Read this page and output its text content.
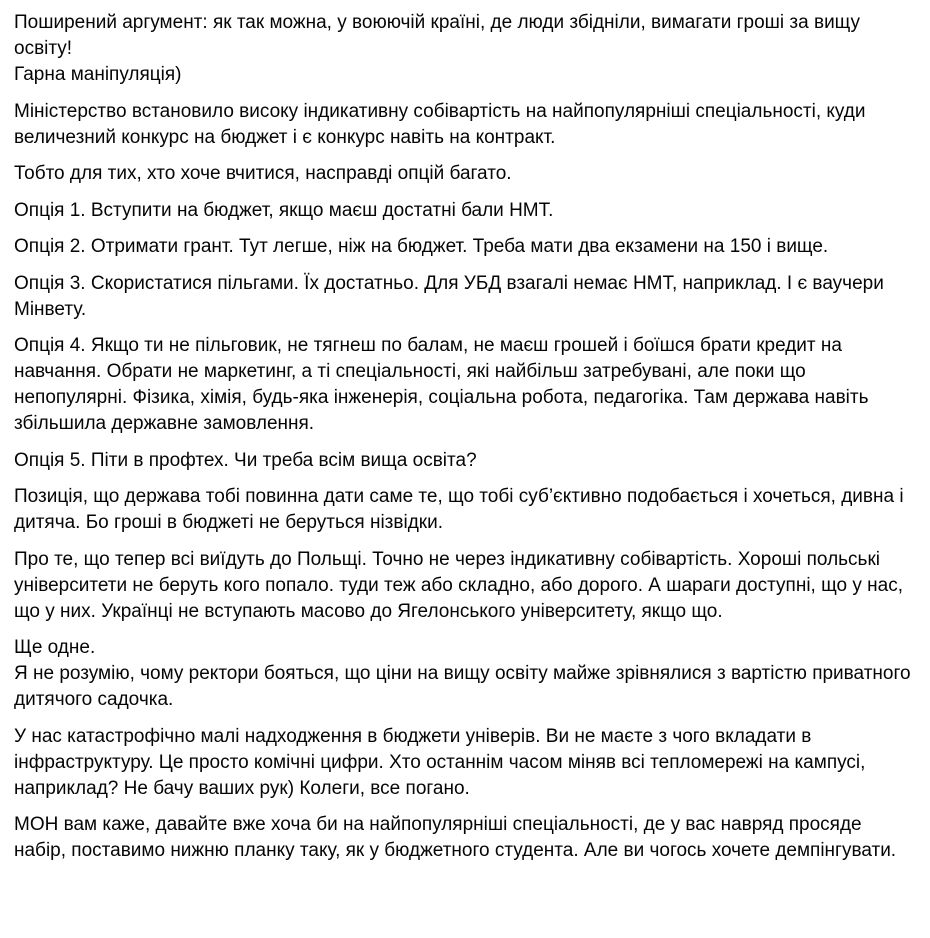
Поширений аргумент: як так можна, у воюючій країні, де люди збідніли, вимагати гроші за вищу освіту!
Гарна маніпуляція)

Міністерство встановило високу індикативну собівартість на найпопулярніші спеціальності, куди величезний конкурс на бюджет і є конкурс навіть на контракт.

Тобто для тих, хто хоче вчитися, насправді опцій багато.

Опція 1. Вступити на бюджет, якщо маєш достатні бали НМТ.

Опція 2. Отримати грант. Тут легше, ніж на бюджет. Треба мати два екзамени на 150 і вище.

Опція 3. Скористатися пільгами. Їх достатньо. Для УБД взагалі немає НМТ, наприклад. І є ваучери Мінвету.

Опція 4. Якщо ти не пільговик, не тягнеш по балам, не маєш грошей і боїшся брати кредит на навчання. Обрати не маркетинг, а ті спеціальності, які найбільш затребувані, але поки що непопулярні. Фізика, хімія, будь-яка інженерія, соціальна робота, педагогіка. Там держава навіть збільшила державне замовлення.

Опція 5. Піти в профтех. Чи треба всім вища освіта?

Позиція, що держава тобі повинна дати саме те, що тобі суб’єктивно подобається і хочеться, дивна і дитяча. Бо гроші в бюджеті не беруться нізвідки.

Про те, що тепер всі виїдуть до Польщі. Точно не через індикативну собівартість. Хороші польські університети не беруть кого попало. туди теж або складно, або дорого. А шараги доступні, що у нас, що у них. Українці не вступають масово до Ягелонського університету, якщо що.

Ще одне.
Я не розумію, чому ректори бояться, що ціни на вищу освіту майже зрівнялися з вартістю приватного дитячого садочка.

У нас катастрофічно малі надходження в бюджети універів. Ви не маєте з чого вкладати в інфраструктуру. Це просто комічні цифри. Хто останнім часом міняв всі тепломережі на кампусі, наприклад? Не бачу ваших рук) Колеги, все погано.

МОН вам каже, давайте вже хоча би на найпопулярніші спеціальності, де у вас навряд просяде набір, поставимо нижню планку таку, як у бюджетного студента. Але ви чогось хочете демпінгувати.
